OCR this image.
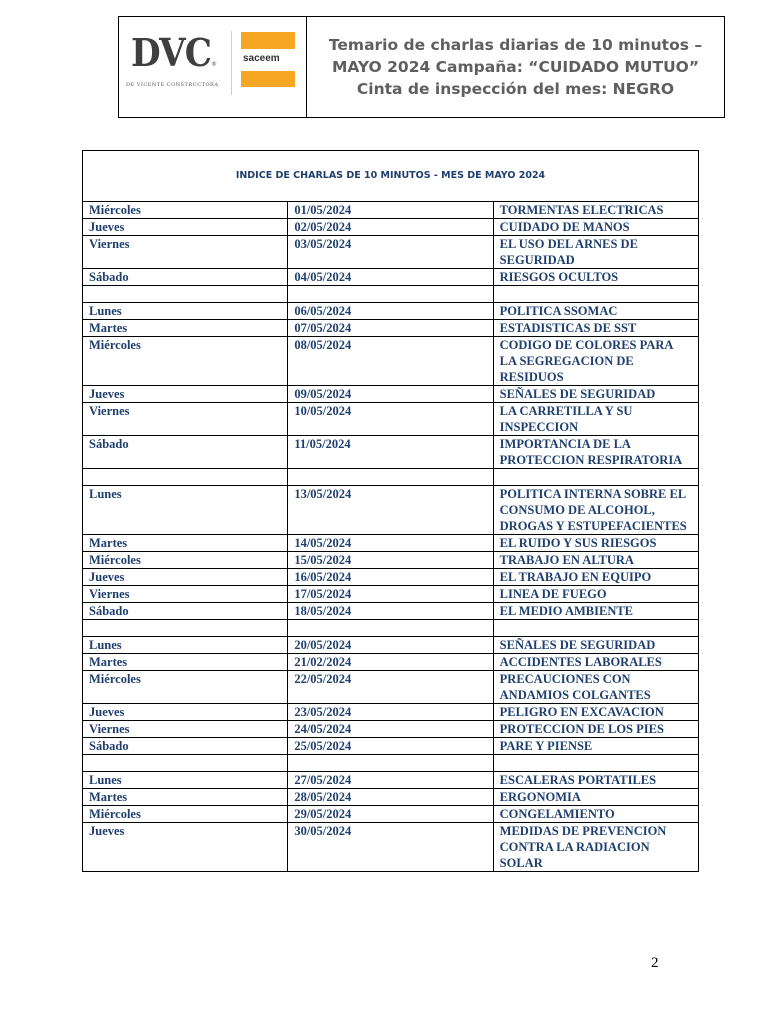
DVC ®
DE VICENTE CONSTRUCTORA
saceem
Temario de charlas diarias de 10 minutos –
MAYO 2024 Campaña: “CUIDADO MUTUO”
Cinta de inspección del mes: NEGRO
INDICE DE CHARLAS DE 10 MINUTOS - MES DE MAYO 2024		
Miércoles	01/05/2024	TORMENTAS ELECTRICAS
Jueves	02/05/2024	CUIDADO DE MANOS
Viernes	03/05/2024	EL USO DEL ARNES DE SEGURIDAD
Sábado	04/05/2024	RIESGOS OCULTOS

Lunes	06/05/2024	POLITICA SSOMAC
Martes	07/05/2024	ESTADISTICAS DE SST
Miércoles	08/05/2024	CODIGO DE COLORES PARA LA SEGREGACION DE RESIDUOS
Jueves	09/05/2024	SEÑALES DE SEGURIDAD
Viernes	10/05/2024	LA CARRETILLA Y SU INSPECCION
Sábado	11/05/2024	IMPORTANCIA DE LA PROTECCION RESPIRATORIA

Lunes	13/05/2024	POLITICA INTERNA SOBRE EL CONSUMO DE ALCOHOL, DROGAS Y ESTUPEFACIENTES
Martes	14/05/2024	EL RUIDO Y SUS RIESGOS
Miércoles	15/05/2024	TRABAJO EN ALTURA
Jueves	16/05/2024	EL TRABAJO EN EQUIPO
Viernes	17/05/2024	LINEA DE FUEGO
Sábado	18/05/2024	EL MEDIO AMBIENTE

Lunes	20/05/2024	SEÑALES DE SEGURIDAD
Martes	21/02/2024	ACCIDENTES LABORALES
Miércoles	22/05/2024	PRECAUCIONES CON ANDAMIOS COLGANTES
Jueves	23/05/2024	PELIGRO EN EXCAVACION
Viernes	24/05/2024	PROTECCION DE LOS PIES
Sábado	25/05/2024	PARE Y PIENSE

Lunes	27/05/2024	ESCALERAS PORTATILES
Martes	28/05/2024	ERGONOMIA
Miércoles	29/05/2024	CONGELAMIENTO
Jueves	30/05/2024	MEDIDAS DE PREVENCION CONTRA LA RADIACION SOLAR
2
